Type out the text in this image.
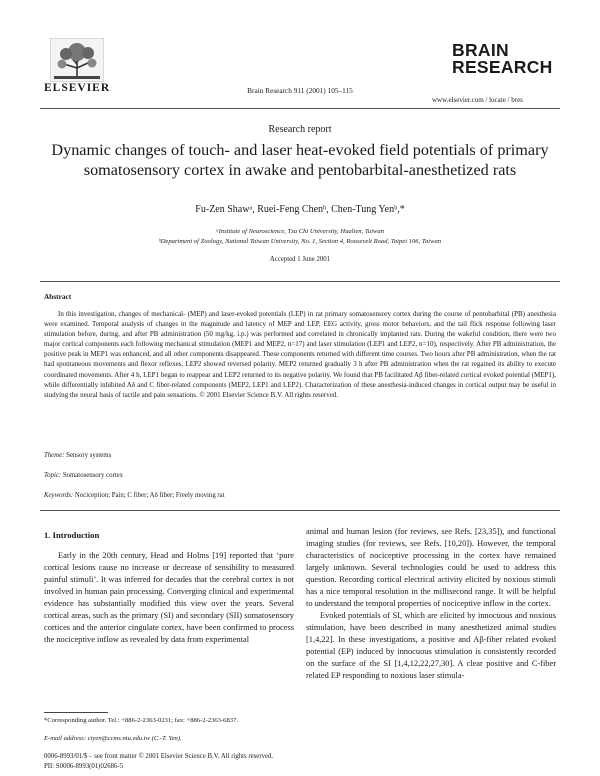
ELSEVIER	Brain Research 911 (2001) 105–115
BRAIN
RESEARCH
www.elsevier.com / locate / bres
Research report
Dynamic changes of touch- and laser heat-evoked field potentials of primary somatosensory cortex in awake and pentobarbital-anesthetized rats
Fu-Zen Shawᵃ, Ruei-Feng Chenᵇ, Chen-Tung Yenᵇ,*
ᵃInstitute of Neuroscience, Tzu Chi University, Hualien, Taiwan
ᵇDepartment of Zoology, National Taiwan University, No. 1, Section 4, Roosevelt Road, Taipei 106, Taiwan
Accepted 1 June 2001
Abstract
In this investigation, changes of mechanical- (MEP) and laser-evoked potentials (LEP) in rat primary somatosensory cortex during the course of pentobarbital (PB) anesthesia were examined. Temporal analysis of changes in the magnitude and latency of MEP and LEP, EEG activity, gross motor behaviors, and the tail flick response following laser stimulation before, during, and after PB administration (50 mg/kg, i.p.) was performed and correlated in chronically implanted rats. During the wakeful condition, there were two major cortical components each following mechanical stimulation (MEP1 and MEP2, n=17) and laser stimulation (LEP1 and LEP2, n=10), respectively. After PB administration, the positive peak in MEP1 was enhanced, and all other components disappeared. These components returned with different time courses. Two hours after PB administration, when the rat had spontaneous movements and flexor reflexes, LEP2 showed reversed polarity. MEP2 returned gradually 3 h after PB administration when the rat regained its ability to execute coordinated movements. After 4 h, LEP1 began to reappear and LEP2 returned to its negative polarity. We found that PB facilitated Aβ fiber-related cortical evoked potential (MEP1), while differentially inhibited Aδ and C fiber-related components (MEP2, LEP1 and LEP2). Characterization of these anesthesia-induced changes in cortical output may be useful in studying the neural basis of tactile and pain sensations. © 2001 Elsevier Science B.V. All rights reserved.
Theme: Sensory systems
Topic: Somatosensory cortex
Keywords: Nociception; Pain; C fiber; Aδ fiber; Freely moving rat
1. Introduction

Early in the 20th century, Head and Holms [19] reported that ‘pure cortical lesions cause no increase or decrease of sensibility to measured painful stimuli’. It was inferred for decades that the cerebral cortex is not involved in human pain processing. Converging clinical and experimental evidence has substantially modified this view over the years. Several cortical areas, such as the primary (SI) and secondary (SII) somatosensory cortices and the anterior cingulate cortex, have been confirmed to process the nociceptive inflow as revealed by data from experimental

animal and human lesion (for reviews, see Refs. [23,35]), and functional imaging studies (for reviews, see Refs. [10,20]). However, the temporal characteristics of nociceptive processing in the cortex have remained largely unknown. Several technologies could be used to address this question. Recording cortical electrical activity elicited by noxious stimuli has a nice temporal resolution in the millisecond range. It will be helpful to understand the temporal properties of nociceptive inflow in the cortex.

Evoked potentials of SI, which are elicited by innocuous and noxious stimulation, have been described in many anesthetized animal studies [1,4,22]. In these investigations, a positive and Aβ-fiber related evoked potential (EP) induced by innocuous stimulation is consistently recorded on the surface of the SI [1,4,12,22,27,30]. A clear positive and C-fiber related EP responding to noxious laser stimula-

*Corresponding author. Tel.: +886-2-2363-0231; fax: +886-2-2363-6837.
E-mail address: ctyen@ccms.ntu.edu.tw (C.-T. Yen).
0006-8993/01/$ – see front matter © 2001 Elsevier Science B.V. All rights reserved.
PII: S0006-8993(01)02686-5
